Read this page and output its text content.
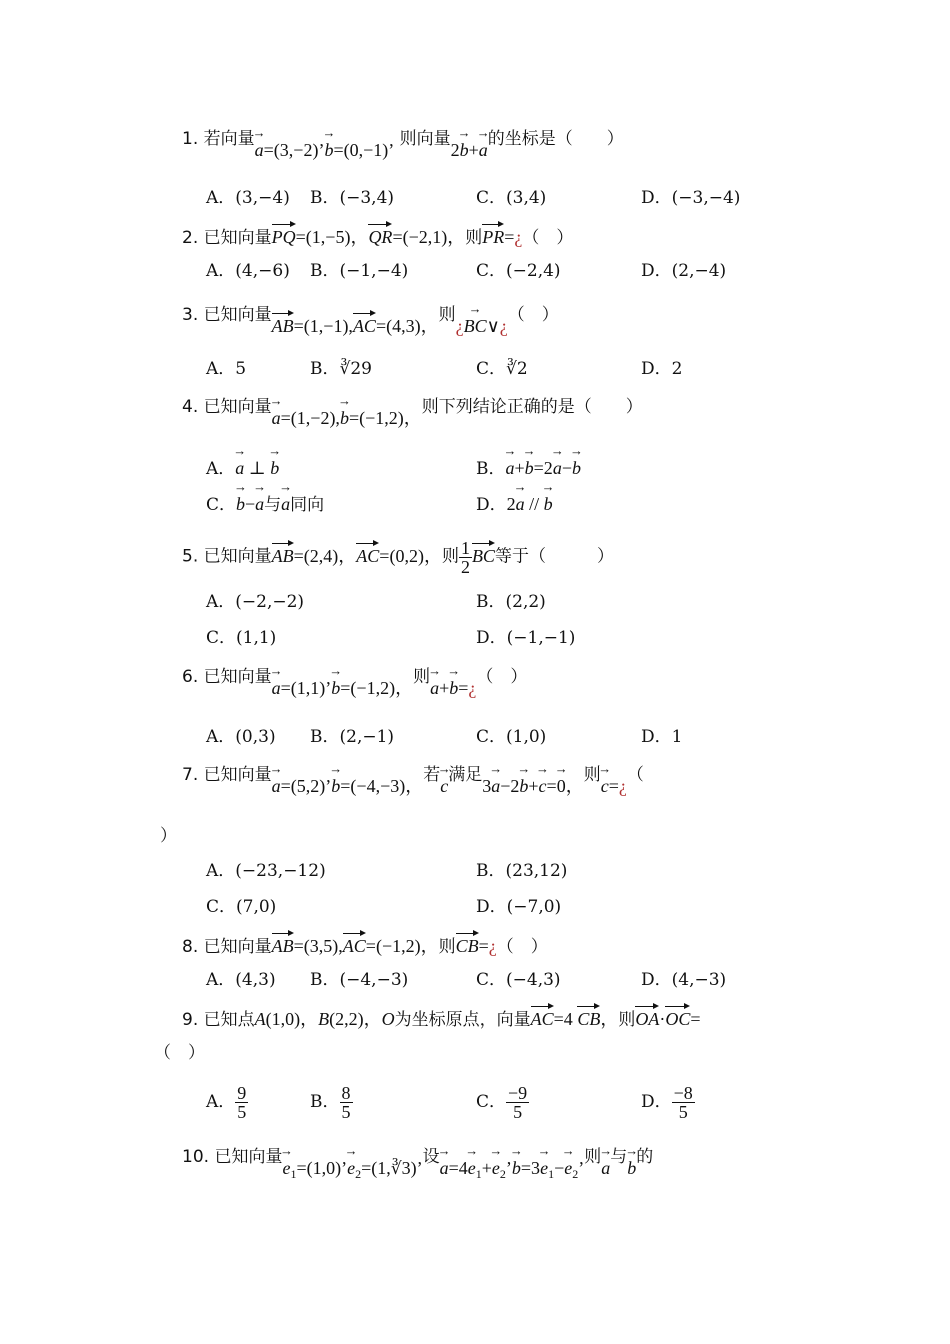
1. 若向量→ a=(3,−2)’→ b=(0,−1)’ 则向量2→ b+→ a的坐标是（　　）
A．(3,−4) B．(−3,4)	C．(3,4)	D．(−3,−4)
2. 已知向量PQ=(1,−5)，QR=(−2,1)，则PR=¿（　）
A．(4,−6) B．(−1,−4)	C．(−2,4)	D．(2,−4)
3. 已知向量AB=(1,−1),AC=(4,3)，则¿→ BC∨¿（　）
A．5	B．∛29	C．∛2	D．2
4. 已知向量→ a=(1,−2),→ b=(−1,2)，则下列结论正确的是（　　）
A．→ a ⊥ → b	B．→ a+→ b=2→ a−→ b
C．→ b−→ a与→ a同向	D．2→ a // → b
5. 已知向量AB=(2,4)，AC=(0,2)，则 $\frac{1}{2}$ BC等于（　　　）
A．(−2,−2)	B．(2,2)
C．(1,1)	D．(−1,−1)
6. 已知向量→ a=(1,1)’→ b=(−1,2)，则→ a+→ b=¿（　）
A．(0,3) B．(2,−1)	C．(1,0)	D．1
7. 已知向量→ a=(5,2)’→ b=(−4,−3)，若→ c满足3→ a−2→ b+→ c=→ 0，则→ c=¿（
）
A．(−23,−12)	B．(23,12)
C．(7,0)	D．(−7,0)
8. 已知向量AB=(3,5),AC=(−1,2)，则CB=¿（　）
A．(4,3) B．(−4,−3)	C．(−4,3)	D．(4,−3)
9. 已知点A(1,0)，B(2,2)，O为坐标原点，向量AC=4 CB，则OA·OC=
（　）
A． $\frac{9}{5}$	B． $\frac{8}{5}$	C． $\frac{-9}{5}$	D． $\frac{-8}{5}$
10. 已知向量→ $e_1=(1,0)’\to$ $e_2=(1,∛3)$’设→ $a=4\to e_1+\to$ $e_2’\to b=3\to e_1-\to e_2$’则→ a与→ b的
